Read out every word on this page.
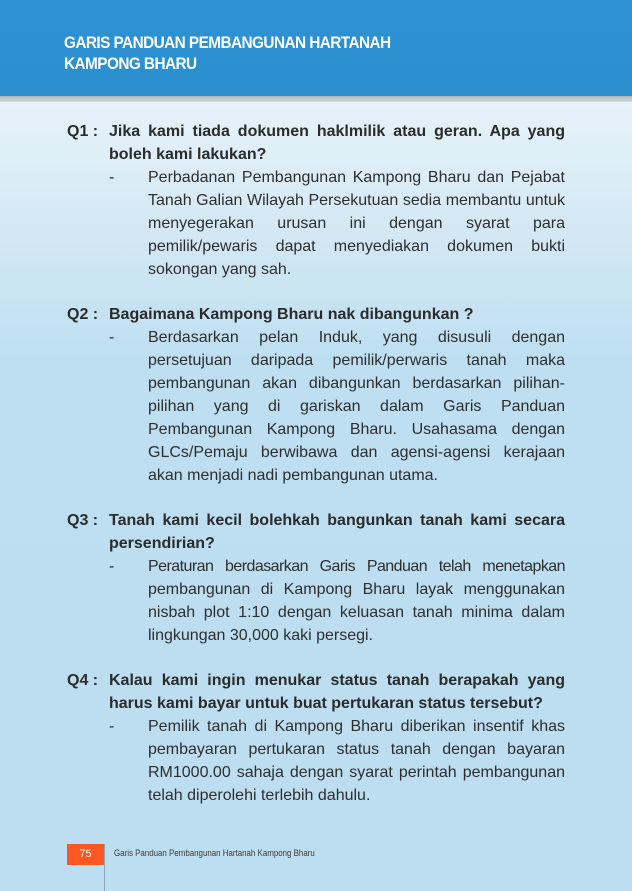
GARIS PANDUAN PEMBANGUNAN HARTANAH
KAMPONG BHARU
Q1 : Jika kami tiada dokumen haklmilik atau geran. Apa yang boleh kami lakukan?
-	Perbadanan Pembangunan Kampong Bharu dan Pejabat Tanah Galian Wilayah Persekutuan sedia membantu untuk menyegerakan urusan ini dengan syarat para pemilik/pewaris dapat menyediakan dokumen bukti sokongan yang sah.
Q2 : Bagaimana Kampong Bharu nak dibangunkan ?
-	Berdasarkan pelan Induk, yang disusuli dengan persetujuan daripada pemilik/perwaris tanah maka pembangunan akan dibangunkan berdasarkan pilihan-pilihan yang di gariskan dalam Garis Panduan Pembangunan Kampong Bharu. Usahasama dengan GLCs/Pemaju berwibawa dan agensi-agensi kerajaan akan menjadi nadi pembangunan utama.
Q3 : Tanah kami kecil bolehkah bangunkan tanah kami secara persendirian?
-	Peraturan berdasarkan Garis Panduan telah menetapkan pembangunan di Kampong Bharu layak menggunakan nisbah plot 1:10 dengan keluasan tanah minima dalam lingkungan 30,000 kaki persegi.
Q4 : Kalau kami ingin menukar status tanah berapakah yang harus kami bayar untuk buat pertukaran status tersebut?
-	Pemilik tanah di Kampong Bharu diberikan insentif khas pembayaran pertukaran status tanah dengan bayaran RM1000.00 sahaja dengan syarat perintah pembangunan telah diperolehi terlebih dahulu.
75	Garis Panduan Pembangunan Hartanah Kampong Bharu
